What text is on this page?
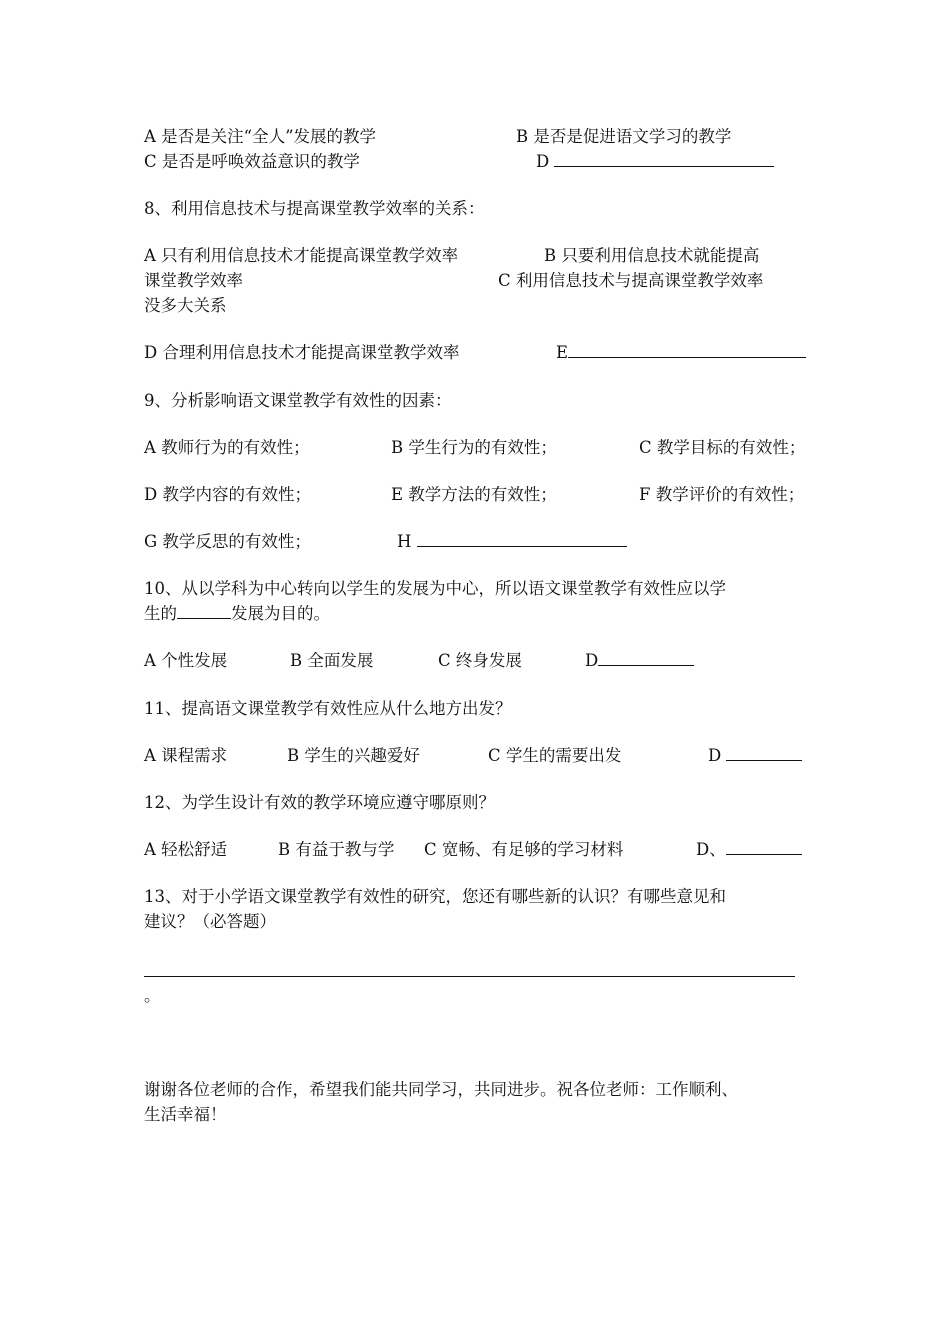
A 是否是关注“全人”发展的教学	B 是否是促进语文学习的教学
C 是否是呼唤效益意识的教学	D
8、利用信息技术与提高课堂教学效率的关系：
A 只有利用信息技术才能提高课堂教学效率	B 只要利用信息技术就能提高
课堂教学效率	C 利用信息技术与提高课堂教学效率
没多大关系
D 合理利用信息技术才能提高课堂教学效率	E
9、分析影响语文课堂教学有效性的因素：
A 教师行为的有效性；	B 学生行为的有效性；	C 教学目标的有效性；
D 教学内容的有效性；	E 教学方法的有效性；	F 教学评价的有效性；
G 教学反思的有效性；	H
10、从以学科为中心转向以学生的发展为中心，所以语文课堂教学有效性应以学
生的	发展为目的。
A 个性发展	B 全面发展	C 终身发展	D
11、提高语文课堂教学有效性应从什么地方出发？
A 课程需求	B 学生的兴趣爱好	C 学生的需要出发	D
12、为学生设计有效的教学环境应遵守哪原则？
A 轻松舒适	B 有益于教与学 C 宽畅、有足够的学习材料	D、
13、对于小学语文课堂教学有效性的研究，您还有哪些新的认识？有哪些意见和
建议？（必答题）
。
谢谢各位老师的合作，希望我们能共同学习，共同进步。祝各位老师：工作顺利、
生活幸福！
